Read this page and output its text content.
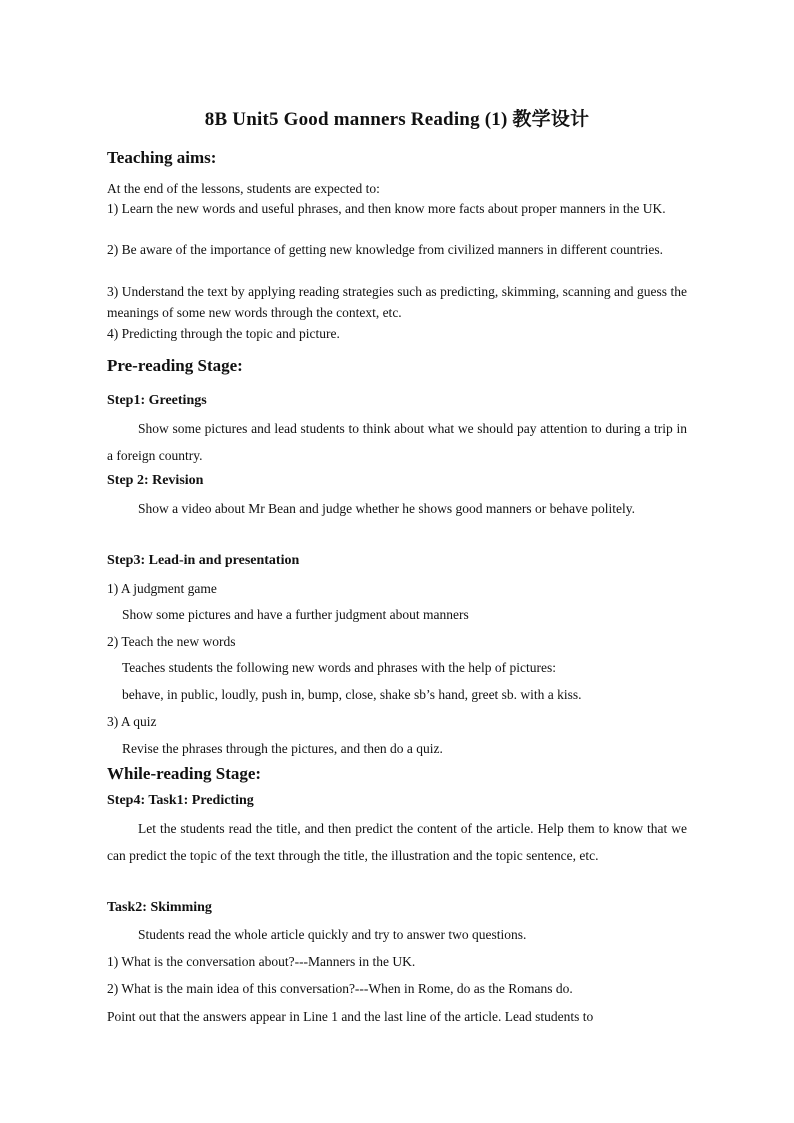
8B Unit5 Good manners Reading (1) 教学设计
Teaching aims:
At the end of the lessons, students are expected to:
1) Learn the new words and useful phrases, and then know more facts about proper manners in the UK.
2) Be aware of the importance of getting new knowledge from civilized manners in different countries.
3) Understand the text by applying reading strategies such as predicting, skimming, scanning and guess the meanings of some new words through the context, etc.
4) Predicting through the topic and picture.
Pre-reading Stage:
Step1: Greetings
Show some pictures and lead students to think about what we should pay attention to during a trip in a foreign country.
Step 2: Revision
Show a video about Mr Bean and judge whether he shows good manners or behave politely.
Step3: Lead-in and presentation
1) A judgment game
Show some pictures and have a further judgment about manners
2) Teach the new words
Teaches students the following new words and phrases with the help of pictures:
behave, in public, loudly, push in, bump, close, shake sb’s hand, greet sb. with a kiss.
3) A quiz
Revise the phrases through the pictures, and then do a quiz.
While-reading Stage:
Step4: Task1: Predicting
Let the students read the title, and then predict the content of the article. Help them to know that we can predict the topic of the text through the title, the illustration and the topic sentence, etc.
Task2: Skimming
Students read the whole article quickly and try to answer two questions.
1) What is the conversation about?---Manners in the UK.
2) What is the main idea of this conversation?---When in Rome, do as the Romans do.
Point out that the answers appear in Line 1 and the last line of the article. Lead students to
